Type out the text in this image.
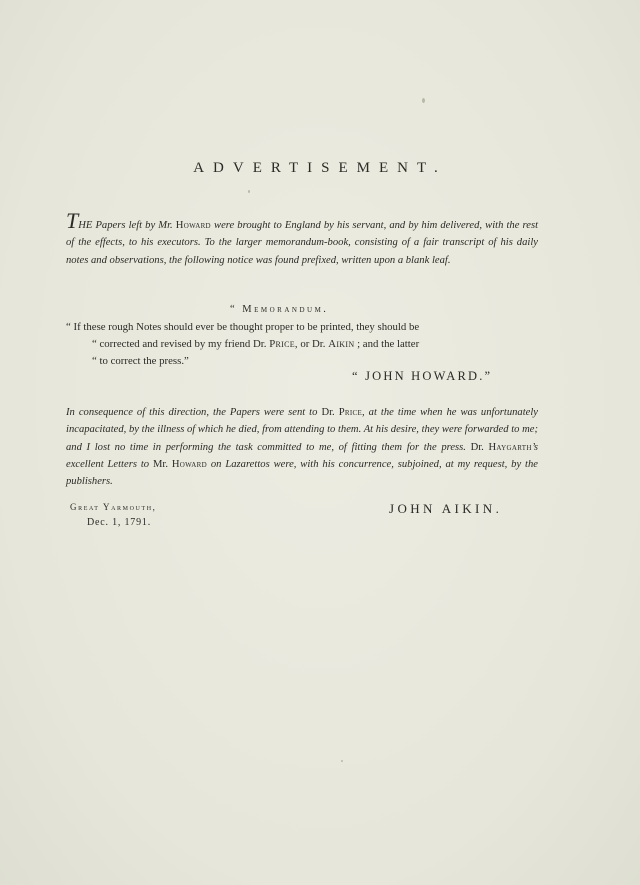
ADVERTISEMENT.
THE Papers left by Mr. Howard were brought to England by his servant, and by him delivered, with the rest of the effects, to his executors. To the larger memorandum-book, consisting of a fair transcript of his daily notes and observations, the following notice was found prefixed, written upon a blank leaf.
“ Memorandum.
“ If these rough Notes should ever be thought proper to be printed, they should be
“ corrected and revised by my friend Dr. Price, or Dr. Aikin ; and the latter
“ to correct the press.”
“ JOHN HOWARD.”
In consequence of this direction, the Papers were sent to Dr. Price, at the time when he was unfortunately incapacitated, by the illness of which he died, from attending to them. At his desire, they were forwarded to me; and I lost no time in performing the task committed to me, of fitting them for the press. Dr. Haygarth’s excellent Letters to Mr. Howard on Lazarettos were, with his concurrence, subjoined, at my request, by the publishers.
Great Yarmouth,
Dec. 1, 1791.
JOHN AIKIN.
